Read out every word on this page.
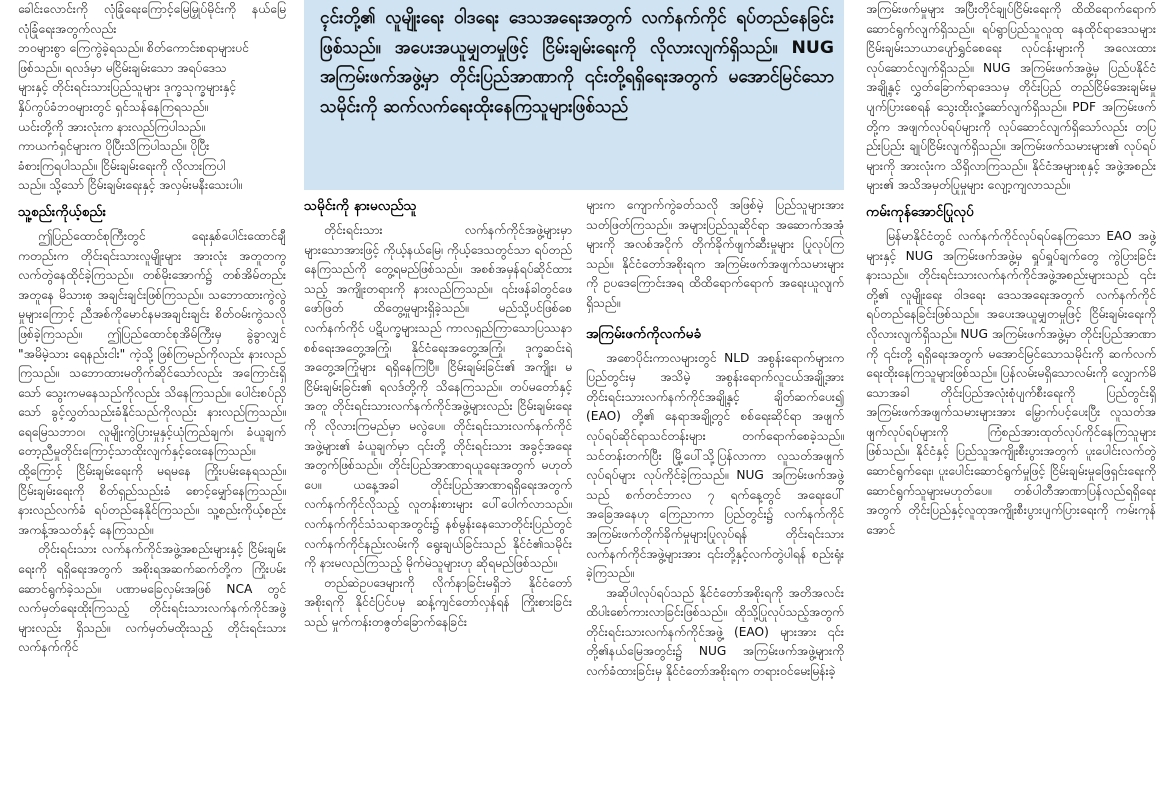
ခေါင်းလောင်းကို လုံခြုံရေးကြောင့်မြေမြှုပ်မိုင်းကို နယ်မြေလုံခြုံရေးအတွက်လည်း

ဘဝများစွာ ကြေကွဲခဲ့ရသည်။ စိတ်ကောင်းစရာများပင်

ဖြစ်သည်။ ရလဒ်မှာ မငြိမ်းချမ်းသော အရပ်ဒေသ

များနှင့် တိုင်းရင်းသားပြည်သူများ ဒုက္ခသုက္ခများနှင့်

နှိပ်ကွပ်ခံဘဝများတွင် ရှင်သန်နေကြရသည်။

ယင်းတို့ကို အားလုံးက နားလည်ကြပါသည်။

ကာယကံရှင်များက ပိုပြီးသိကြပါသည်။ ပိုပြီး

ခံစားကြရပါသည်။ ငြိမ်းချမ်းရေးကို လိုလားကြပါ

သည်။ သို့သော် ငြိမ်းချမ်းရေးနှင့် အလှမ်းမနီးသေးပါ။

သူ့စည်းကိုယ့်စည်း

ဤပြည်ထောင်စုကြီးတွင် ရေးနှစ်ပေါင်းထောင်ချီကတည်းက တိုင်းရင်းသားလူမျိုးများ အားလုံး အတူတကွလက်တွဲနေထိုင်ခဲ့ကြသည်။ တစ်မိုးအောက်၌ တစ်အိမ်တည်းအတူနေ မိသားစု အချင်းချင်းဖြစ်ကြသည်။ သဘောထားကွဲလွဲမှုများကြောင့် ညီအစ်ကိုမောင်နမအချင်းချင်း စိတ်ဝမ်းကွဲသလိုဖြစ်ခဲ့ကြသည်။ ဤပြည်ထောင်စုအိမ်ကြီးမှ ခွဲခွာလျှင် "အမိမဲ့သား ရေနည်းငါး" ကဲ့သို့ ဖြစ်ကြမည်ကိုလည်း နားလည်ကြသည်။ သဘောထားမတိုက်ဆိုင်သော်လည်း အကြောင်းရှိသော် သွေးကမနေသည်ကိုလည်း သိနေကြသည်။ ပေါင်းစပ်ညှိသော် ခွင့်လွှတ်သည်းခံနိုင်သည်ကိုလည်း နားလည်ကြသည်။ ရေမြေသဘာဝ၊ လူမျိုးကွဲပြားမှုနှင့်ယုံကြည်ချက်၊ ခံယူချက်တော့ညီမှုတိုင်းကြောင့်သာထိုးလျက်နှင့်ဝေးနေကြသည်။ ထို့ကြောင့် ငြိမ်းချမ်းရေးကို မရမနေ ကြိုးပမ်းနေရသည်။ ငြိမ်းချမ်းရေးကို စိတ်ရှည်သည်းခံ စောင့်မျှော်နေကြသည်။ နားလည်လက်ခံ ရပ်တည်နေနိုင်ကြသည်။ သူ့စည်းကိုယ့်စည်းအကန့်အသတ်နှင့် နေကြသည်။

တိုင်းရင်းသား လက်နက်ကိုင်အဖွဲ့အစည်းများနှင့် ငြိမ်းချမ်းရေးကို ရရှိရေးအတွက် အစိုးရအဆက်ဆက်တို့က ကြိုးပမ်းဆောင်ရွက်ခဲ့သည်။ ပဏာမခြေလှမ်းအဖြစ် NCA တွင် လက်မှတ်ရေးထိုးကြသည့် တိုင်းရင်းသားလက်နက်ကိုင်အဖွဲ့များလည်း ရှိသည်။ လက်မှတ်မထိုးသည့် တိုင်းရင်းသားလက်နက်ကိုင်

ၚင်းတို့၏ လူမျိုးရေး ဝါဒရေး ဒေသအရေးအတွက် လက်နက်ကိုင် ရပ်တည်နေခြင်းဖြစ်သည်။ အပေးအယူမျှတမှုဖြင့် ငြိမ်းချမ်းရေးကို လိုလားလျက်ရှိသည်။ NUG အကြမ်းဖက်အဖွဲ့မှာ တိုင်းပြည်အာဏာကို ၎င်းတို့ရရှိရေးအတွက် မအောင်မြင်သောသမိုင်းကို ဆက်လက်ရေးထိုးနေကြသူများဖြစ်သည်

သမိုင်းကို နားမလည်သူ

တိုင်းရင်းသား လက်နက်ကိုင်အဖွဲ့များမှာ များသောအားဖြင့် ကိုယ့်နယ်မြေ၊ ကိုယ့်ဒေသတွင်သာ ရပ်တည်နေကြသည်ကို တွေ့ရမည်ဖြစ်သည်။ အစစ်အမှန်ရပ်ဆိုင်ထားသည့် အကျိုးတရားကို နားလည်ကြသည်။ ၎င်းဖန်ခါတွင်ဖေဖော်ဖြတ် ထိတွေ့မှုများရှိခဲ့သည်။ မည်သို့ပင်ဖြစ်စေ လက်နက်ကိုင် ပဋိပက္ခများသည် ကာလရှည်ကြာသောပြဿနာ စစ်ရေးအတွေ့အကြုံ၊ နိုင်ငံရေးအတွေ့အကြုံ၊ ဒုက္ခဆင်းရဲ အတွေ့အကြုံများ ရရှိနေကြပြီ။ ငြိမ်းချမ်းခြင်း၏ အကျိုး၊ မငြိမ်းချမ်းခြင်း၏ ရလဒ်တို့ကို သိနေကြသည်။ တပ်မတော်နှင့်အတူ တိုင်းရင်းသားလက်နက်ကိုင်အဖွဲ့များလည်း ငြိမ်းချမ်းရေးကို လိုလားကြမည်မှာ မလွဲပေ။ တိုင်းရင်းသားလက်နက်ကိုင်အဖွဲ့များ၏ ခံယူချက်မှာ ၎င်းတို့ တိုင်းရင်းသား အခွင့်အရေးအတွက်ဖြစ်သည်။ တိုင်းပြည်အာဏာရယူရေးအတွက် မဟုတ်ပေ။ ယနေ့အခါ တိုင်းပြည်အာဏာရရှိရေးအတွက် လက်နက်ကိုင်လိုသည့် လူတန်းစားများ ပေါ်ပေါက်လာသည်။ လက်နက်ကိုင်သံသရာအတွင်း၌ နစ်မွန်းနေသောတိုင်းပြည်တွင် လက်နက်ကိုင်နည်းလမ်းကို ရွေးချယ်ခြင်းသည် နိုင်ငံ၏သမိုင်းကို နားမလည်ကြသည့် မိုက်မဲသူများဟု ဆိုရမည်ဖြစ်သည်။

တည်ဆဲဥပဒေများကို လိုက်နာခြင်းမရှိဘဲ နိုင်ငံတော်အစိုးရကို နိုင်ငံပြင်ပမှ ဆန့်ကျင်တော်လှန်ရန် ကြိုးစားခြင်းသည် မှုက်ကန်းတဇွတ်ခြောက်နေခြင်း

များက ကျောက်ကွဲခတ်သလို အဖြစ်မဲ့ ပြည်သူများအား သတ်ဖြတ်ကြသည်။ အများပြည်သူဆိုင်ရာ အဆောက်အအုံများကို အလစ်အငိုက် တိုက်ခိုက်ဖျက်ဆီးမှုများ ပြုလုပ်ကြသည်။ နိုင်ငံတော်အစိုးရက အကြမ်းဖက်အဖျက်သမားများကို ဥပဒေကြောင်းအရ ထိထိရောက်ရောက် အရေးယူလျက်ရှိသည်။

အကြမ်းဖက်ကိုလက်မခံ

အစောပိုင်းကာလများတွင် NLD အစွန်းရောက်များက ပြည်တွင်းမှ အသိမဲ့ အစွန်းရောက်လူငယ်အချို့အား တိုင်းရင်းသားလက်နက်ကိုင်အချို့နှင့် ချိတ်ဆက်ပေး၍ (EAO) တို့၏ နေရာအချို့တွင် စစ်ရေးဆိုင်ရာ အဖျက်လုပ်ရပ်ဆိုင်ရာသင်တန်းများ တက်ရောက်စေခဲ့သည်။ သင်တန်းတက်ပြီး မြို့ပေါ်သို့ပြန်လာကာ လူသတ်အဖျက်လုပ်ရပ်များ လုပ်ကိုင်ခဲ့ကြသည်။ NUG အကြမ်းဖက်အဖွဲ့သည် စက်တင်ဘာလ ၇ ရက်နေ့တွင် အရေးပေါ်အခြေအနေဟု ကြေညာကာ ပြည်တွင်း၌ လက်နက်ကိုင်အကြမ်းဖက်တိုက်ခိုက်မှုများပြုလုပ်ရန် တိုင်းရင်းသားလက်နက်ကိုင်အဖွဲ့များအား ၎င်းတို့နှင့်လက်တွဲပါရန် စည်းရုံးခဲ့ကြသည်။

အဆိုပါလုပ်ရပ်သည် နိုင်ငံတော်အစိုးရကို အတိအလင်း ထိပါးစော်ကားလာခြင်းဖြစ်သည်။ ထိုသို့ပြုလုပ်သည့်အတွက် တိုင်းရင်းသားလက်နက်ကိုင်အဖွဲ့ (EAO) များအား ၎င်းတို့၏နယ်မြေအတွင်း၌ NUG အကြမ်းဖက်အဖွဲ့များကို လက်ခံထားခြင်းမှ နိုင်ငံတော်အစိုးရက တရားဝင်မေးမြန်းခဲ့

အကြမ်းဖက်မှုများ အပြီးတိုင်ချုပ်ငြိမ်းရေးကို ထိထိရောက်ရောက် ဆောင်ရွက်လျက်ရှိသည်။ ရပ်ရွာပြည်သူလူထု နေထိုင်ရာဒေသများ ငြိမ်းချမ်းသာယာပျော်ရွှင်စေရေး လုပ်ငန်းများကို အလေးထားလုပ်ဆောင်လျက်ရှိသည်။ NUG အကြမ်းဖက်အဖွဲ့မှ ပြည်ပနိုင်ငံအချို့နှင့် လွှတ်ခြောက်ရာဒေသမှ တိုင်းပြည် တည်ငြိမ်အေးချမ်းမှုပျက်ပြားစေရန် သွေးထိုးလှုံ့ဆော်လျက်ရှိသည်။ PDF အကြမ်းဖက်တို့က အဖျက်လုပ်ရပ်များကို လုပ်ဆောင်လျက်ရှိသော်လည်း တပြည်းပြည်း ချုပ်ငြိမ်းလျက်ရှိသည်။ အကြမ်းဖက်သမားများ၏ လုပ်ရပ်များကို အားလုံးက သိရှိလာကြသည်။ နိုင်ငံအများစုနှင့် အဖွဲ့အစည်းများ၏ အသိအမှတ်ပြုမှုများ လျော့ကျလာသည်။

ကမ်းကုန်အောင်ပြုလုပ်

မြန်မာနိုင်ငံတွင် လက်နက်ကိုင်လုပ်ရပ်နေကြသော EAO အဖွဲ့များနှင့် NUG အကြမ်းဖက်အဖွဲ့မှ ရှုပ်ရှုပ်ချက်တွေ ကွဲပြားခြင်းနားသည်။ တိုင်းရင်းသားလက်နက်ကိုင်အဖွဲ့အစည်းများသည် ၎င်းတို့၏ လူမျိုးရေး ဝါဒရေး ဒေသအရေးအတွက် လက်နက်ကိုင် ရပ်တည်နေခြင်းဖြစ်သည်။ အပေးအယူမျှတမှုဖြင့် ငြိမ်းချမ်းရေးကို လိုလားလျက်ရှိသည်။ NUG အကြမ်းဖက်အဖွဲ့မှာ တိုင်းပြည်အာဏာကို ၎င်းတို့ ရရှိရေးအတွက် မအောင်မြင်သောသမိုင်းကို ဆက်လက်ရေးထိုးနေကြသူများဖြစ်သည်။ ပြန်လမ်းမရှိသောလမ်းကို လျှောက်မိသောအခါ တိုင်းပြည်အလုံးစုံပျက်စီးရေးကို ပြည်တွင်းရှိ အကြမ်းဖက်အဖျက်သမားများအား မြှောက်ပင့်ပေးပြီး လူသတ်အဖျက်လုပ်ရပ်များကို ကြံစည်အားထုတ်လုပ်ကိုင်နေကြသူများဖြစ်သည်။ နိုင်ငံနှင့် ပြည်သူအကျိုးစီးပွားအတွက် ပူးပေါင်းလက်တွဲဆောင်ရွက်ရေး၊ ပူးပေါင်းဆောင်ရွက်မှုဖြင့် ငြိမ်းချမ်းမှုဖြေရှင်းရေးကို ဆောင်ရွက်သူများမဟုတ်ပေ။ တစ်ပါတီအာဏာပြန်လည်ရရှိရေးအတွက် တိုင်းပြည်နှင့်လူထုအကျိုးစီးပွားပျက်ပြားရေးကို ကမ်းကုန်အောင်
